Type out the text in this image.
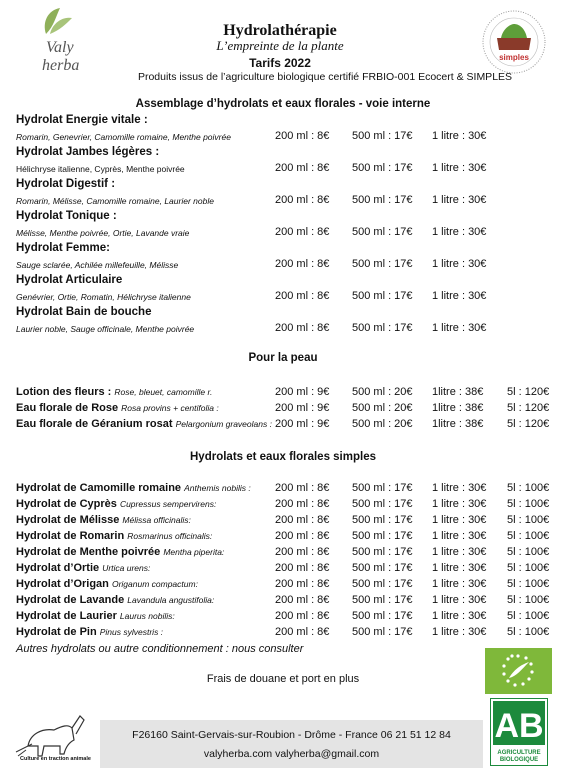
Valy
herba
Hydrolathérapie
L’empreinte de la plante
Tarifs 2022
Produits issus de l’agriculture biologique certifié FRBIO-001 Ecocert & SIMPLES
simples
Assemblage d’hydrolats et eaux florales - voie interne
Hydrolat Energie vitale :
Romarin, Genevrier, Camomille romaine, Menthe poivrée	200 ml : 8€ 500 ml : 17€ 1 litre : 30€
Hydrolat Jambes légères :
Hélichryse italienne, Cyprès, Menthe poivrée	200 ml : 8€ 500 ml : 17€ 1 litre : 30€
Hydrolat Digestif :
Romarin, Mélisse, Camomille romaine, Laurier noble	200 ml : 8€ 500 ml : 17€ 1 litre : 30€
Hydrolat Tonique :
Mélisse, Menthe poivrée, Ortie, Lavande vraie	200 ml : 8€ 500 ml : 17€ 1 litre : 30€
Hydrolat Femme:
Sauge sclarée, Achilée millefeuille, Mélisse	200 ml : 8€ 500 ml : 17€ 1 litre : 30€
Hydrolat Articulaire
Genévrier, Ortie, Romatin, Hélichryse italienne	200 ml : 8€ 500 ml : 17€ 1 litre : 30€
Hydrolat Bain de bouche
Laurier noble, Sauge officinale, Menthe poivrée	200 ml : 8€ 500 ml : 17€ 1 litre : 30€
Pour la peau
Lotion des fleurs : Rose, bleuet, camomille r.	200 ml : 9€ 500 ml : 20€ 1litre : 38€ 5l : 120€
Eau florale de Rose Rosa provins + centifolia :	200 ml : 9€ 500 ml : 20€ 1litre : 38€ 5l : 120€
Eau florale de Géranium rosat Pelargonium graveolans : 200 ml : 9€ 500 ml : 20€ 1litre : 38€ 5l : 120€
Hydrolats et eaux florales simples
Hydrolat de Camomille romaine Anthemis nobilis : 200 ml : 8€ 500 ml : 17€ 1 litre : 30€ 5l : 100€
Hydrolat de Cyprès Cupressus sempervirens:	200 ml : 8€ 500 ml : 17€ 1 litre : 30€ 5l : 100€
Hydrolat de Mélisse Mélissa officinalis:	200 ml : 8€ 500 ml : 17€ 1 litre : 30€ 5l : 100€
Hydrolat de Romarin Rosmarinus officinalis:	200 ml : 8€ 500 ml : 17€ 1 litre : 30€ 5l : 100€
Hydrolat de Menthe poivrée Mentha piperita:	200 ml : 8€ 500 ml : 17€ 1 litre : 30€ 5l : 100€
Hydrolat d’Ortie Urtica urens:	200 ml : 8€ 500 ml : 17€ 1 litre : 30€ 5l : 100€
Hydrolat d’Origan Origanum compactum:	200 ml : 8€ 500 ml : 17€ 1 litre : 30€ 5l : 100€
Hydrolat de Lavande Lavandula angustifolia:	200 ml : 8€ 500 ml : 17€ 1 litre : 30€ 5l : 100€
Hydrolat de Laurier Laurus nobilis:	200 ml : 8€ 500 ml : 17€ 1 litre : 30€ 5l : 100€
Hydrolat de Pin Pinus sylvestris :	200 ml : 8€ 500 ml : 17€ 1 litre : 30€ 5l : 100€
Autres hydrolats ou autre conditionnement : nous consulter
Frais de douane et port en plus
F26160 Saint-Gervais-sur-Roubion - Drôme - France 06 21 51 12 84
valyherba.com valyherba@gmail.com
AB
AGRICULTURE
BIOLOGIQUE
Culture en traction animale
